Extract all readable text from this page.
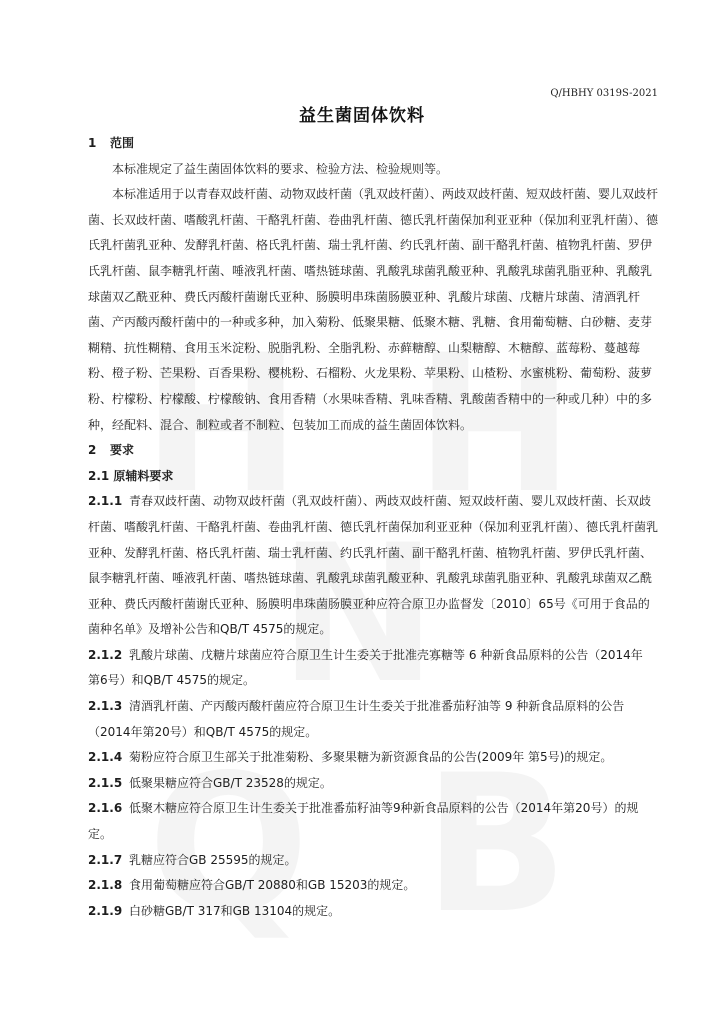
Q/HBHY 0319S-2021
益生菌固体饮料

1 范围

本标准规定了益生菌固体饮料的要求、检验方法、检验规则等。

本标准适用于以青春双歧杆菌、动物双歧杆菌（乳双歧杆菌）、两歧双歧杆菌、短双歧杆菌、婴儿双歧杆菌、长双歧杆菌、嗜酸乳杆菌、干酪乳杆菌、卷曲乳杆菌、德氏乳杆菌保加利亚亚种（保加利亚乳杆菌）、德氏乳杆菌乳亚种、发酵乳杆菌、格氏乳杆菌、瑞士乳杆菌、约氏乳杆菌、副干酪乳杆菌、植物乳杆菌、罗伊氏乳杆菌、鼠李糖乳杆菌、唾液乳杆菌、嗜热链球菌、乳酸乳球菌乳酸亚种、乳酸乳球菌乳脂亚种、乳酸乳球菌双乙酰亚种、费氏丙酸杆菌谢氏亚种、肠膜明串珠菌肠膜亚种、乳酸片球菌、戊糖片球菌、清酒乳杆菌、产丙酸丙酸杆菌中的一种或多种，加入菊粉、低聚果糖、低聚木糖、乳糖、食用葡萄糖、白砂糖、麦芽糊精、抗性糊精、食用玉米淀粉、脱脂乳粉、全脂乳粉、赤藓糖醇、山梨糖醇、木糖醇、蓝莓粉、蔓越莓粉、橙子粉、芒果粉、百香果粉、樱桃粉、石榴粉、火龙果粉、苹果粉、山楂粉、水蜜桃粉、葡萄粉、菠萝粉、柠檬粉、柠檬酸、柠檬酸钠、食用香精（水果味香精、乳味香精、乳酸菌香精中的一种或几种）中的多种，经配料、混合、制粒或者不制粒、包装加工而成的益生菌固体饮料。

2 要求

2.1 原辅料要求

2.1.1 青春双歧杆菌、动物双歧杆菌（乳双歧杆菌）、两歧双歧杆菌、短双歧杆菌、婴儿双歧杆菌、长双歧杆菌、嗜酸乳杆菌、干酪乳杆菌、卷曲乳杆菌、德氏乳杆菌保加利亚亚种（保加利亚乳杆菌）、德氏乳杆菌乳亚种、发酵乳杆菌、格氏乳杆菌、瑞士乳杆菌、约氏乳杆菌、副干酪乳杆菌、植物乳杆菌、罗伊氏乳杆菌、鼠李糖乳杆菌、唾液乳杆菌、嗜热链球菌、乳酸乳球菌乳酸亚种、乳酸乳球菌乳脂亚种、乳酸乳球菌双乙酰亚种、费氏丙酸杆菌谢氏亚种、肠膜明串珠菌肠膜亚种应符合原卫办监督发〔2010〕65号《可用于食品的菌种名单》及增补公告和QB/T 4575的规定。

2.1.2 乳酸片球菌、戊糖片球菌应符合原卫生计生委关于批准壳寡糖等 6 种新食品原料的公告（2014年 第6号）和QB/T 4575的规定。

2.1.3 清酒乳杆菌、产丙酸丙酸杆菌应符合原卫生计生委关于批准番茄籽油等 9 种新食品原料的公告（2014年第20号）和QB/T 4575的规定。

2.1.4 菊粉应符合原卫生部关于批准菊粉、多聚果糖为新资源食品的公告(2009年 第5号)的规定。

2.1.5 低聚果糖应符合GB/T 23528的规定。

2.1.6 低聚木糖应符合原卫生计生委关于批准番茄籽油等9种新食品原料的公告（2014年第20号）的规定。

2.1.7 乳糖应符合GB 25595的规定。

2.1.8 食用葡萄糖应符合GB/T 20880和GB 15203的规定。

2.1.9 白砂糖GB/T 317和GB 13104的规定。
